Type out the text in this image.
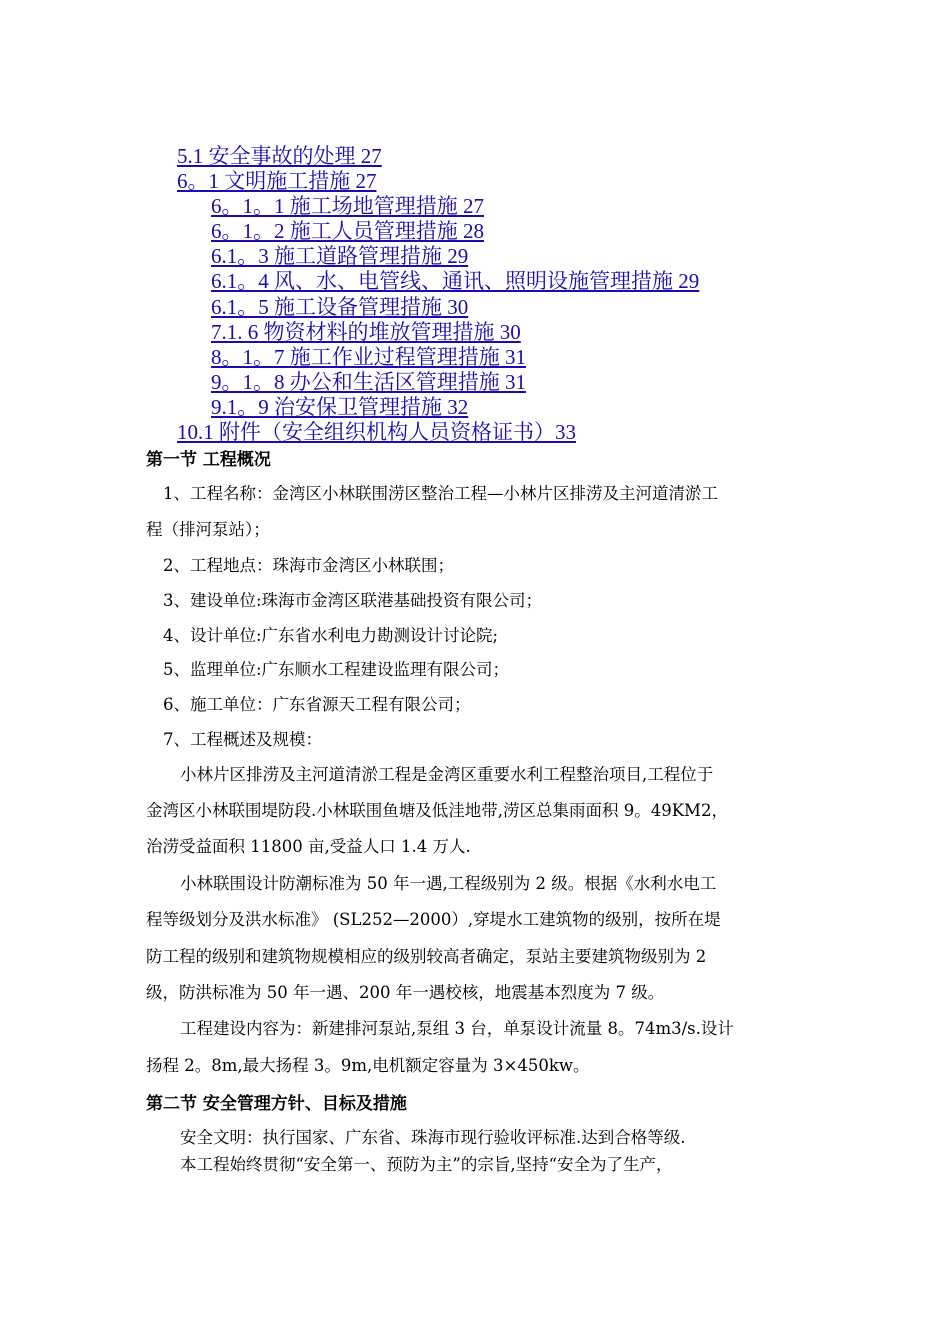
5.1 安全事故的处理 27
6。1 文明施工措施 27
6。1。1 施工场地管理措施 27
6。1。2 施工人员管理措施 28
6.1。3 施工道路管理措施 29
6.1。4 风、水、电管线、通讯、照明设施管理措施 29
6.1。5 施工设备管理措施 30
7.1. 6 物资材料的堆放管理措施 30
8。1。7 施工作业过程管理措施 31
9。1。8 办公和生活区管理措施 31
9.1。9 治安保卫管理措施 32
10.1 附件（安全组织机构人员资格证书）33
第一节 工程概况
1、工程名称：金湾区小林联围涝区整治工程—小林片区排涝及主河道清淤工
程（排河泵站）；
2、工程地点：珠海市金湾区小林联围；
3、建设单位:珠海市金湾区联港基础投资有限公司；
4、设计单位:广东省水利电力勘测设计讨论院;
5、监理单位:广东顺水工程建设监理有限公司；
6、施工单位：广东省源天工程有限公司；
7、工程概述及规模：
小林片区排涝及主河道清淤工程是金湾区重要水利工程整治项目,工程位于
金湾区小林联围堤防段.小林联围鱼塘及低洼地带,涝区总集雨面积 9。49KM2，
治涝受益面积 11800 亩,受益人口 1.4 万人.
小林联围设计防潮标准为 50 年一遇,工程级别为 2 级。根据《水利水电工
程等级划分及洪水标准》 (SL252—2000）,穿堤水工建筑物的级别，按所在堤
防工程的级别和建筑物规模相应的级别较高者确定，泵站主要建筑物级别为 2
级，防洪标准为 50 年一遇、200 年一遇校核，地震基本烈度为 7 级。
工程建设内容为：新建排河泵站,泵组 3 台，单泵设计流量 8。74m3/s.设计
扬程 2。8m,最大扬程 3。9m,电机额定容量为 3×450kw。
第二节 安全管理方针、目标及措施
安全文明：执行国家、广东省、珠海市现行验收评标准.达到合格等级.
本工程始终贯彻“安全第一、预防为主”的宗旨,坚持“安全为了生产，
